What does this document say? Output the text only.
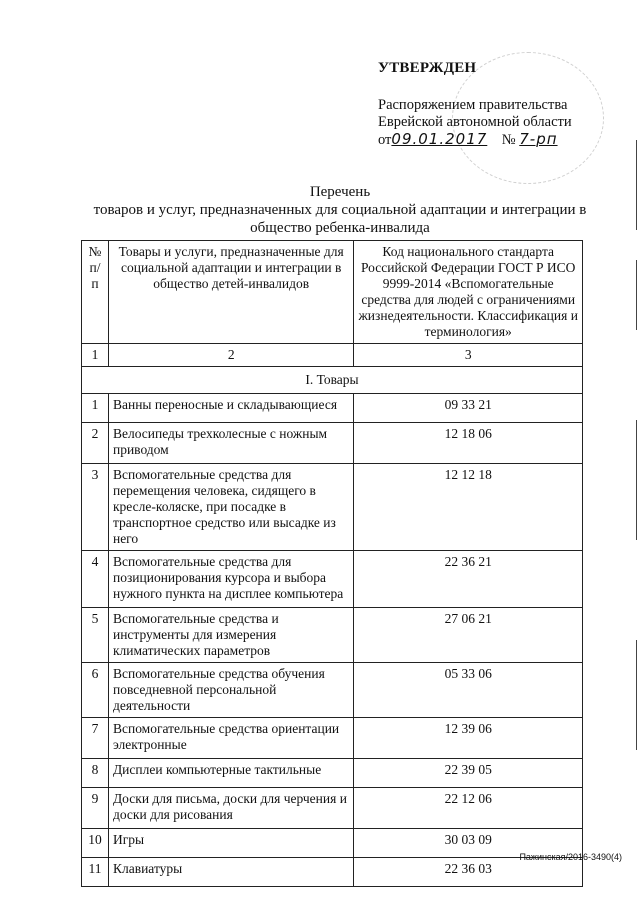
УТВЕРЖДЕН
Распоряжением правительства
Еврейской автономной области
от09.01.2017 № 7-рп
Перечень
товаров и услуг, предназначенных для социальной адаптации и интеграции в
общество ребенка-инвалида
№ п/п	Товары и услуги, предназначенные для социальной адаптации и интеграции в общество детей-инвалидов	Код национального стандарта Российской Федерации ГОСТ Р ИСО 9999-2014 «Вспомогательные средства для людей с ограничениями жизнедеятельности. Классификация и терминология»
1	2	3
I. Товары		
1	Ванны переносные и складывающиеся	09 33 21
2	Велосипеды трехколесные с ножным приводом	12 18 06
3	Вспомогательные средства для перемещения человека, сидящего в кресле-коляске, при посадке в транспортное средство или высадке из него	12 12 18
4	Вспомогательные средства для позиционирования курсора и выбора нужного пункта на дисплее компьютера	22 36 21
5	Вспомогательные средства и инструменты для измерения климатических параметров	27 06 21
6	Вспомогательные средства обучения повседневной персональной деятельности	05 33 06
7	Вспомогательные средства ориентации электронные	12 39 06
8	Дисплеи компьютерные тактильные	22 39 05
9	Доски для письма, доски для черчения и доски для рисования	22 12 06
10	Игры	30 03 09
11	Клавиатуры	22 36 03
Пажинская/2016-3490(4)
